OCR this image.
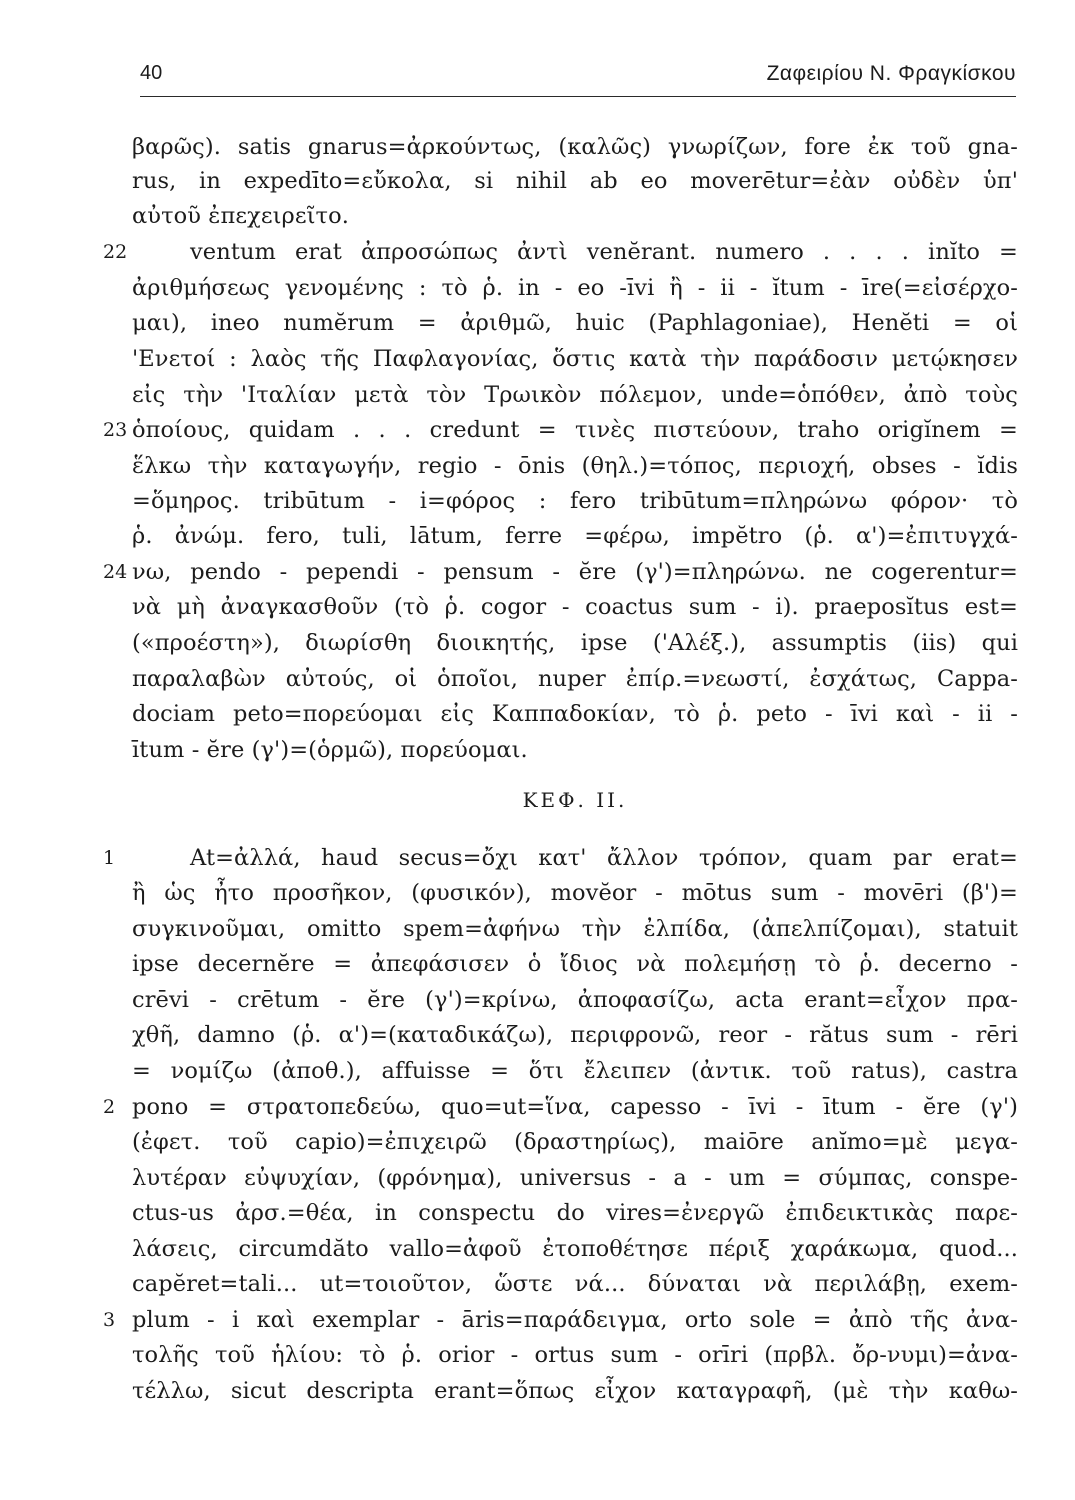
40	Ζαφειρίου Ν. Φραγκίσκου
βαρῶς). satis gnarus=ἀρκούντως, (καλῶς) γνωρίζων, fore ἐκ τοῦ gna-
rus, in expedīto=εὔκολα, si nihil ab eo moverētur=ἐὰν οὐδὲν ὑπ'
αὐτοῦ ἐπεχειρεῖτο.
ventum erat ἀπροσώπως ἀντὶ venĕrant. numero . . . . inĭto =
ἀριθμήσεως γενομένης : τὸ ῥ. in - eo -īvi ἢ - ii - ĭtum - īre(=εἰσέρχο-
μαι), ineo numĕrum = ἀριθμῶ, huic (Paphlagoniae), Henĕti = οἱ
'Ενετοί : λαὸς τῆς Παφλαγονίας, ὅστις κατὰ τὴν παράδοσιν μετῴκησεν
εἰς τὴν 'Ιταλίαν μετὰ τὸν Τρωικὸν πόλεμον, unde=ὁπόθεν, ἀπὸ τοὺς
ὁποίους, quidam . . . credunt = τινὲς πιστεύουν, traho origĭnem =
ἕλκω τὴν καταγωγήν, regio - ōnis (θηλ.)=τόπος, περιοχή, obses - ĭdis
=ὅμηρος. tribūtum - i=φόρος : fero tribūtum=πληρώνω φόρον· τὸ
ῥ. ἀνώμ. fero, tuli, lātum, ferre =φέρω, impĕtro (ῥ. α')=ἐπιτυγχά-
νω, pendo - pependi - pensum - ĕre (γ')=πληρώνω. ne cogerentur=
νὰ μὴ ἀναγκασθοῦν (τὸ ῥ. cogor - coactus sum - i). praeposĭtus est=
(«προέστη»), διωρίσθη διοικητής, ipse ('Αλέξ.), assumptis (iis) qui
παραλαβὼν αὐτούς, οἱ ὁποῖοι, nuper ἐπίρ.=νεωστί, ἐσχάτως, Cappa-
dociam peto=πορεύομαι εἰς Καππαδοκίαν, τὸ ῥ. peto - īvi καὶ - ii -
ītum - ĕre (γ')=(ὁρμῶ), πορεύομαι.
22
23
24
ΚΕΦ. II.
At=ἀλλά, haud secus=ὄχι κατ' ἄλλον τρόπον, quam par erat=
ἢ ὡς ἦτο προσῆκον, (φυσικόν), movĕor - mōtus sum - movēri (β')=
συγκινοῦμαι, omitto spem=ἀφήνω τὴν ἐλπίδα, (ἀπελπίζομαι), statuit
ipse decernĕre = ἀπεφάσισεν ὁ ἴδιος νὰ πολεμήσῃ τὸ ῥ. decerno -
crēvi - crētum - ĕre (γ')=κρίνω, ἀποφασίζω, acta erant=εἶχον πρα-
χθῆ, damno (ῥ. α')=(καταδικάζω), περιφρονῶ, reor - rătus sum - rēri
= νομίζω (ἀποθ.), affuisse = ὅτι ἔλειπεν (ἀντικ. τοῦ ratus), castra
pono = στρατοπεδεύω, quo=ut=ἵνα, capesso - īvi - ītum - ĕre (γ')
(ἐφετ. τοῦ capio)=ἐπιχειρῶ (δραστηρίως), maiōre anĭmo=μὲ μεγα-
λυτέραν εὐψυχίαν, (φρόνημα), universus - a - um = σύμπας, conspe-
ctus-us ἀρσ.=θέα, in conspectu do vires=ἐνεργῶ ἐπιδεικτικὰς παρε-
λάσεις, circumdăto vallo=ἀφοῦ ἐτοποθέτησε πέριξ χαράκωμα, quod...
capĕret=tali... ut=τοιοῦτον, ὥστε νά... δύναται νὰ περιλάβῃ, exem-
plum - i καὶ exemplar - āris=παράδειγμα, orto sole = ἀπὸ τῆς ἀνα-
τολῆς τοῦ ἡλίου: τὸ ῥ. orior - ortus sum - orīri (πρβλ. ὄρ-νυμι)=ἀνα-
τέλλω, sicut descripta erant=ὅπως εἶχον καταγραφῆ, (μὲ τὴν καθω-
1
2
3
